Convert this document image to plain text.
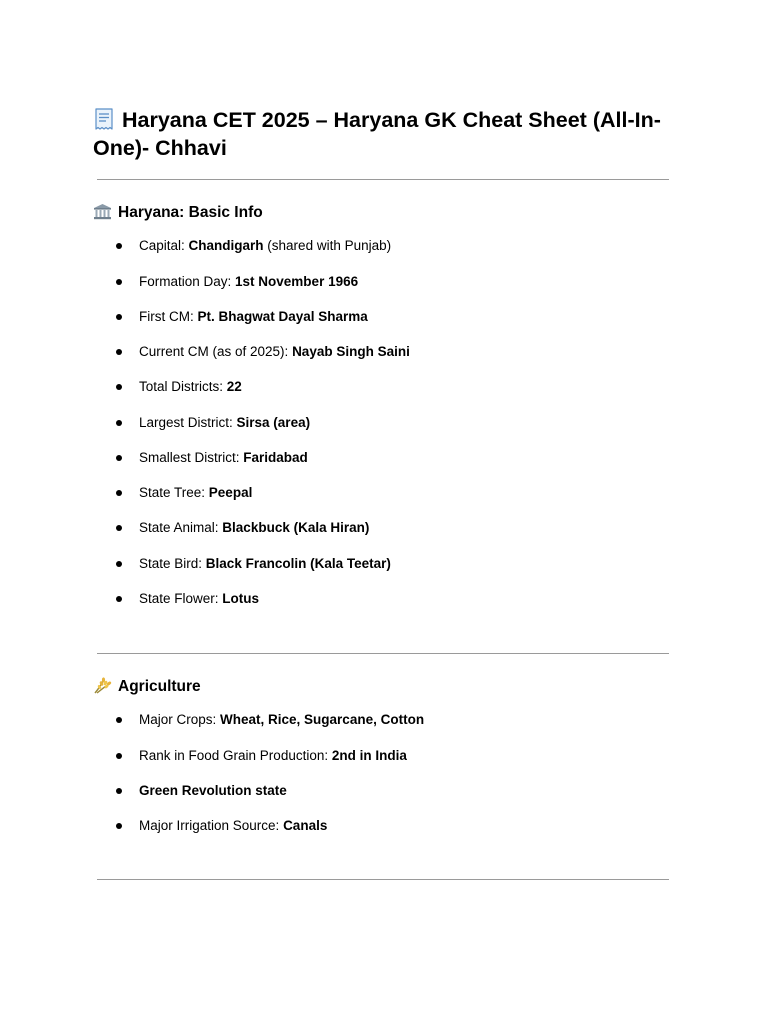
Haryana CET 2025 – Haryana GK Cheat Sheet (All-In-One)- Chhavi
Haryana: Basic Info
Capital: Chandigarh (shared with Punjab)
Formation Day: 1st November 1966
First CM: Pt. Bhagwat Dayal Sharma
Current CM (as of 2025): Nayab Singh Saini
Total Districts: 22
Largest District: Sirsa (area)
Smallest District: Faridabad
State Tree: Peepal
State Animal: Blackbuck (Kala Hiran)
State Bird: Black Francolin (Kala Teetar)
State Flower: Lotus
Agriculture
Major Crops: Wheat, Rice, Sugarcane, Cotton
Rank in Food Grain Production: 2nd in India
Green Revolution state
Major Irrigation Source: Canals
